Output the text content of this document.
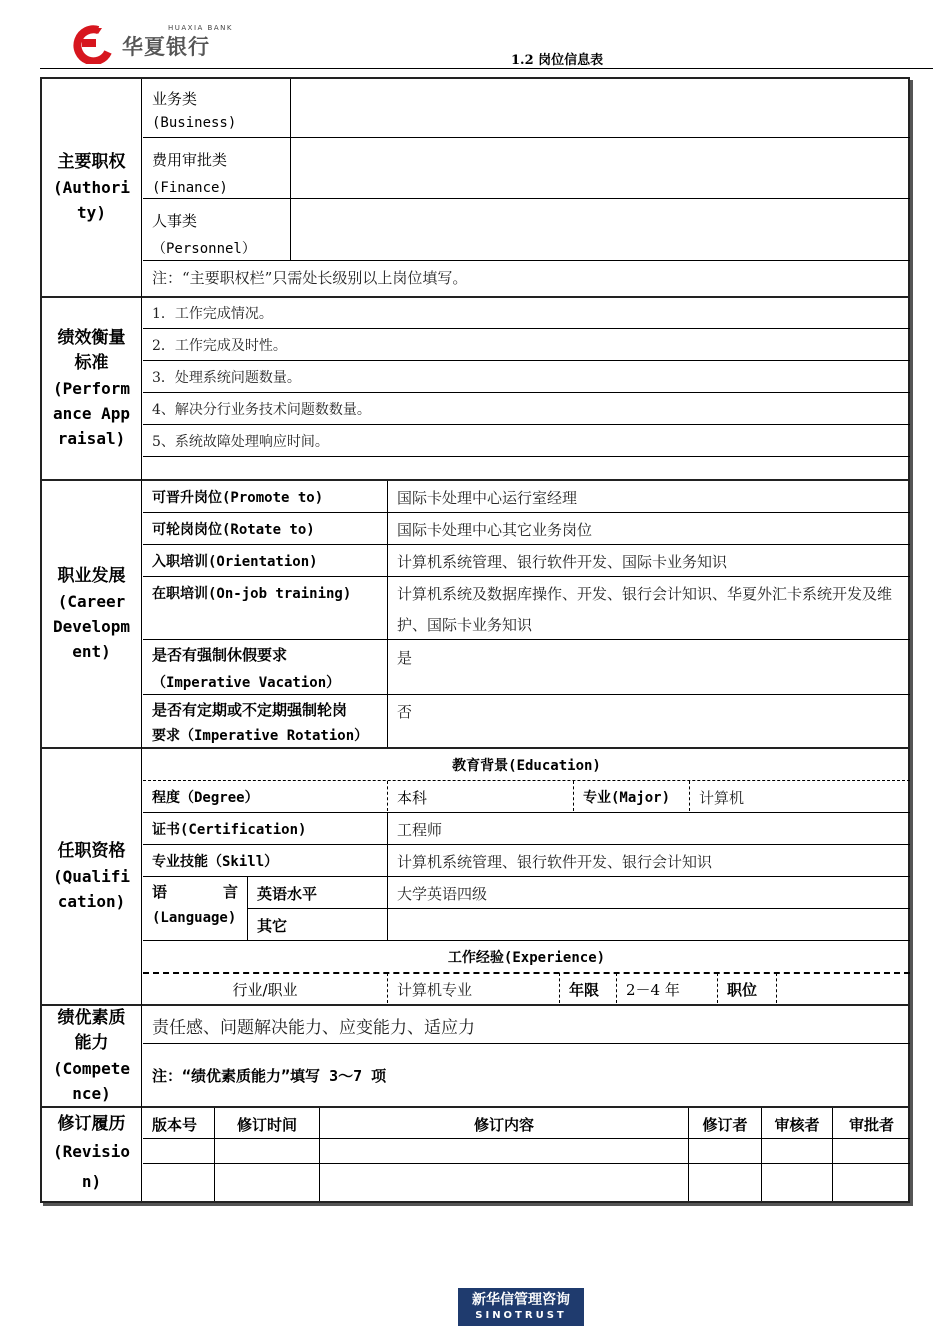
HUAXIA BANK
华夏银行
1.2 岗位信息表
主要职权
(Authority)
业务类
(Business)
费用审批类
(Finance)
人事类
（Personnel）
注：“主要职权栏”只需处长级别以上岗位填写。
绩效衡量标准
(Performance Appraisal)
1．工作完成情况。
2．工作完成及时性。
3．处理系统问题数量。
4、解决分行业务技术问题数数量。
5、系统故障处理响应时间。
职业发展
(Career Development)
可晋升岗位(Promote to)	国际卡处理中心运行室经理
可轮岗岗位(Rotate to)	国际卡处理中心其它业务岗位
入职培训(Orientation)	计算机系统管理、银行软件开发、国际卡业务知识
在职培训(On-job training)	计算机系统及数据库操作、开发、银行会计知识、华夏外汇卡系统开发及维护、国际卡业务知识
是否有强制休假要求
（Imperative Vacation）
是
是否有定期或不定期强制轮岗
要求（Imperative Rotation）
否
任职资格
(Qualification)
教育背景(Education)
程度（Degree）	本科	专业(Major)	计算机
证书(Certification)	工程师
专业技能（Skill）	计算机系统管理、银行软件开发、银行会计知识
语	言
(Language)
英语水平	大学英语四级
其它
工作经验(Experience)
行业/职业	计算机专业	年限	2－4 年	职位
绩优素质能力
(Competence)
责任感、问题解决能力、应变能力、适应力
注：“绩优素质能力”填写 3～7 项
修订履历
(Revision)
版本号	修订时间	修订内容	修订者	审核者	审批者
新华信管理咨询
SINOTRUST
